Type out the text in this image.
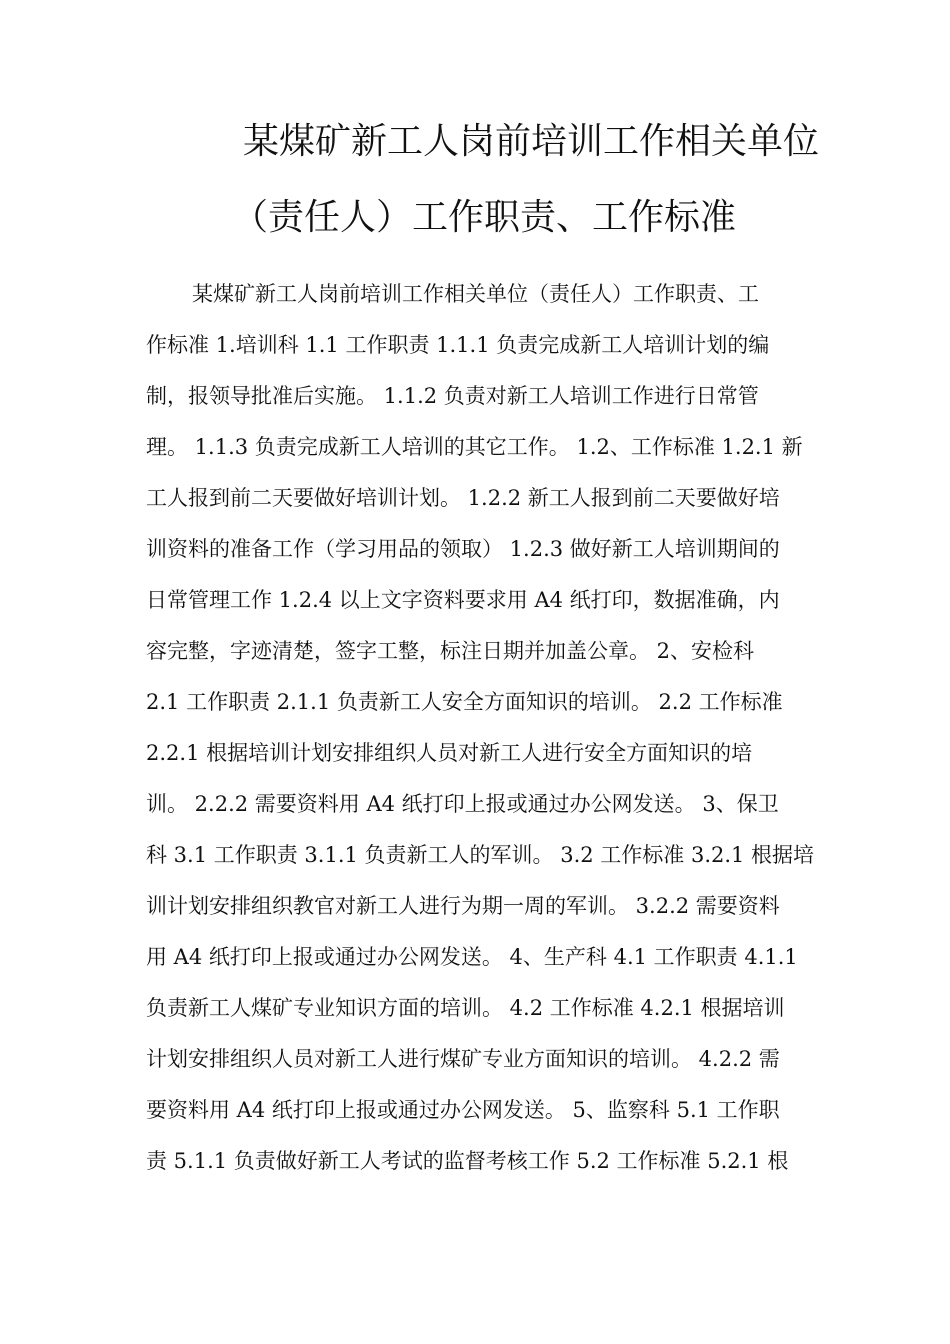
某煤矿新工人岗前培训工作相关单位
（责任人）工作职责、工作标准
某煤矿新工人岗前培训工作相关单位（责任人）工作职责、工
作标准 1.培训科 1.1 工作职责 1.1.1 负责完成新工人培训计划的编
制，报领导批准后实施。 1.1.2 负责对新工人培训工作进行日常管
理。 1.1.3 负责完成新工人培训的其它工作。 1.2、工作标准 1.2.1 新
工人报到前二天要做好培训计划。 1.2.2 新工人报到前二天要做好培
训资料的准备工作（学习用品的领取） 1.2.3 做好新工人培训期间的
日常管理工作 1.2.4 以上文字资料要求用 A4 纸打印，数据准确，内
容完整，字迹清楚，签字工整，标注日期并加盖公章。 2、安检科
2.1 工作职责 2.1.1 负责新工人安全方面知识的培训。 2.2 工作标准
2.2.1 根据培训计划安排组织人员对新工人进行安全方面知识的培
训。 2.2.2 需要资料用 A4 纸打印上报或通过办公网发送。 3、保卫
科 3.1 工作职责 3.1.1 负责新工人的军训。 3.2 工作标准 3.2.1 根据培
训计划安排组织教官对新工人进行为期一周的军训。 3.2.2 需要资料
用 A4 纸打印上报或通过办公网发送。 4、生产科 4.1 工作职责 4.1.1
负责新工人煤矿专业知识方面的培训。 4.2 工作标准 4.2.1 根据培训
计划安排组织人员对新工人进行煤矿专业方面知识的培训。 4.2.2 需
要资料用 A4 纸打印上报或通过办公网发送。 5、监察科 5.1 工作职
责 5.1.1 负责做好新工人考试的监督考核工作 5.2 工作标准 5.2.1 根
